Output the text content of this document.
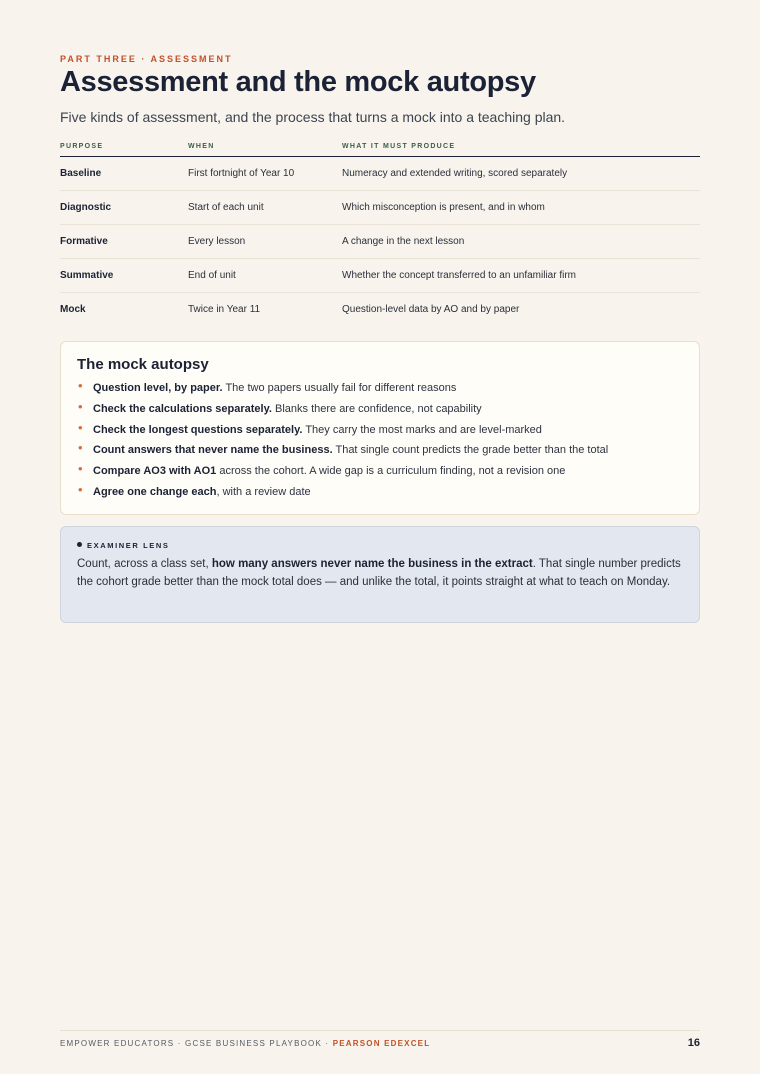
PART THREE · ASSESSMENT
Assessment and the mock autopsy
Five kinds of assessment, and the process that turns a mock into a teaching plan.
PURPOSE	WHEN	WHAT IT MUST PRODUCE
Baseline	First fortnight of Year 10	Numeracy and extended writing, scored separately
Diagnostic	Start of each unit	Which misconception is present, and in whom
Formative	Every lesson	A change in the next lesson
Summative	End of unit	Whether the concept transferred to an unfamiliar firm
Mock	Twice in Year 11	Question-level data by AO and by paper
The mock autopsy
• Question level, by paper. The two papers usually fail for different reasons
• Check the calculations separately. Blanks there are confidence, not capability
• Check the longest questions separately. They carry the most marks and are level-marked
• Count answers that never name the business. That single count predicts the grade better than the total
• Compare AO3 with AO1 across the cohort. A wide gap is a curriculum finding, not a revision one
• Agree one change each, with a review date
EXAMINER LENS
Count, across a class set, how many answers never name the business in the extract. That single number predicts the cohort grade better than the mock total does — and unlike the total, it points straight at what to teach on Monday.
EMPOWER EDUCATORS · GCSE BUSINESS PLAYBOOK · PEARSON EDEXCEL	16
